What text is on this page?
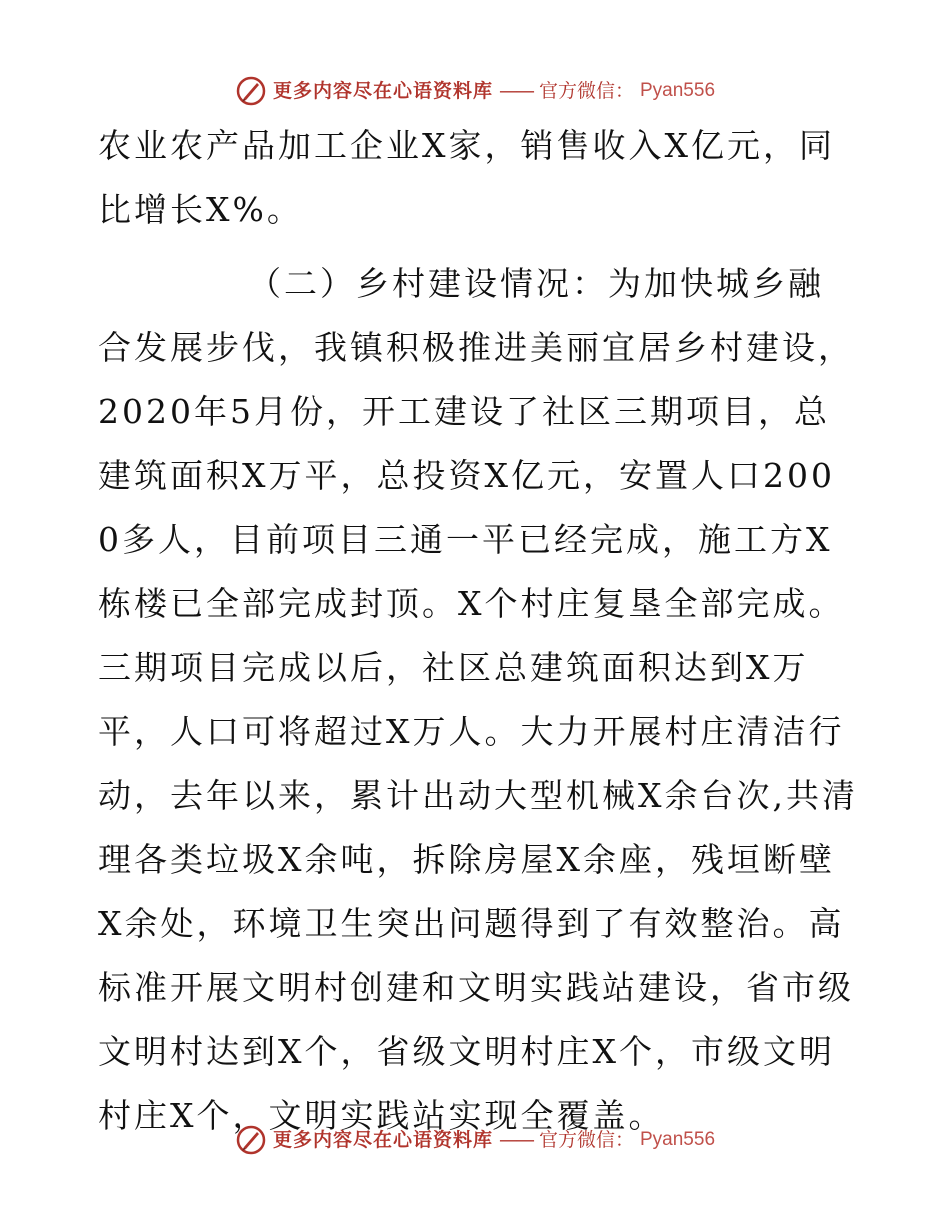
更多内容尽在心语资料库 —— 官方微信： Pyan556

农业农产品加工企业X家，销售收入X亿元，同比增长X%。

（二）乡村建设情况：为加快城乡融合发展步伐，我镇积极推进美丽宜居乡村建设，2020年5月份，开工建设了社区三期项目，总建筑面积X万平，总投资X亿元，安置人口2000多人，目前项目三通一平已经完成，施工方X栋楼已全部完成封顶。X个村庄复垦全部完成。三期项目完成以后，社区总建筑面积达到X万平，人口可将超过X万人。大力开展村庄清洁行动，去年以来，累计出动大型机械X余台次,共清理各类垃圾X余吨，拆除房屋X余座，残垣断壁X余处，环境卫生突出问题得到了有效整治。高标准开展文明村创建和文明实践站建设，省市级文明村达到X个，省级文明村庄X个，市级文明村庄X个，文明实践站实现全覆盖。

更多内容尽在心语资料库 —— 官方微信： Pyan556
